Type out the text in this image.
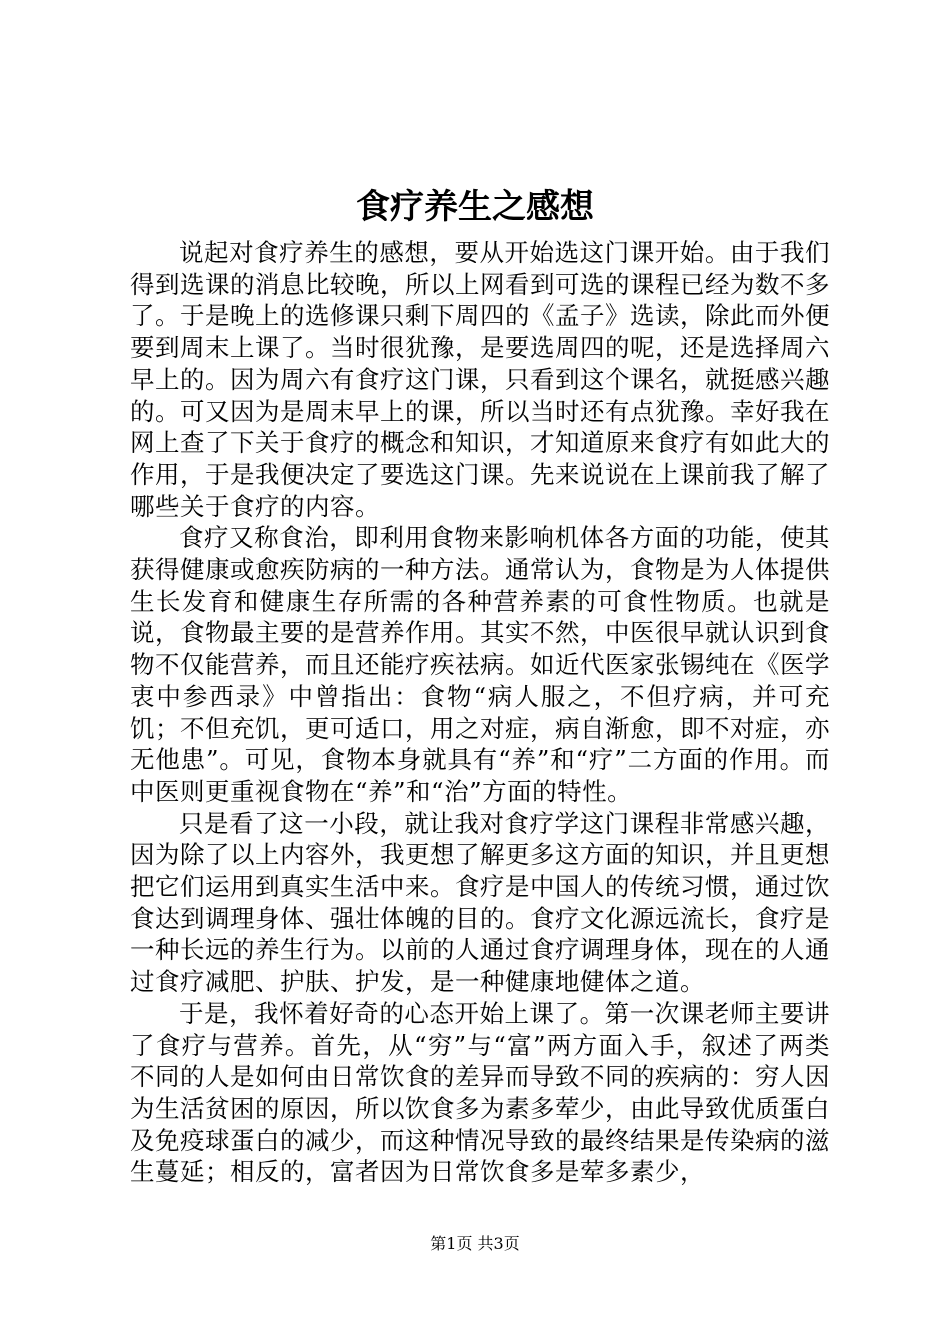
食疗养生之感想

说起对食疗养生的感想，要从开始选这门课开始。由于我们得到选课的消息比较晚，所以上网看到可选的课程已经为数不多了。于是晚上的选修课只剩下周四的《孟子》选读，除此而外便要到周末上课了。当时很犹豫，是要选周四的呢，还是选择周六早上的。因为周六有食疗这门课，只看到这个课名，就挺感兴趣的。可又因为是周末早上的课，所以当时还有点犹豫。幸好我在网上查了下关于食疗的概念和知识，才知道原来食疗有如此大的作用，于是我便决定了要选这门课。先来说说在上课前我了解了哪些关于食疗的内容。

食疗又称食治，即利用食物来影响机体各方面的功能，使其获得健康或愈疾防病的一种方法。通常认为，食物是为人体提供生长发育和健康生存所需的各种营养素的可食性物质。也就是说，食物最主要的是营养作用。其实不然，中医很早就认识到食物不仅能营养，而且还能疗疾祛病。如近代医家张锡纯在《医学衷中参西录》中曾指出：食物“病人服之，不但疗病，并可充饥；不但充饥，更可适口，用之对症，病自渐愈，即不对症，亦无他患”。可见，食物本身就具有“养”和“疗”二方面的作用。而中医则更重视食物在“养”和“治”方面的特性。

只是看了这一小段，就让我对食疗学这门课程非常感兴趣，因为除了以上内容外，我更想了解更多这方面的知识，并且更想把它们运用到真实生活中来。食疗是中国人的传统习惯，通过饮食达到调理身体、强壮体魄的目的。食疗文化源远流长，食疗是一种长远的养生行为。以前的人通过食疗调理身体，现在的人通过食疗减肥、护肤、护发，是一种健康地健体之道。

于是，我怀着好奇的心态开始上课了。第一次课老师主要讲了食疗与营养。首先，从“穷”与“富”两方面入手，叙述了两类不同的人是如何由日常饮食的差异而导致不同的疾病的：穷人因为生活贫困的原因，所以饮食多为素多荤少，由此导致优质蛋白及免疫球蛋白的减少，而这种情况导致的最终结果是传染病的滋生蔓延；相反的，富者因为日常饮食多是荤多素少，

第1页 共3页
